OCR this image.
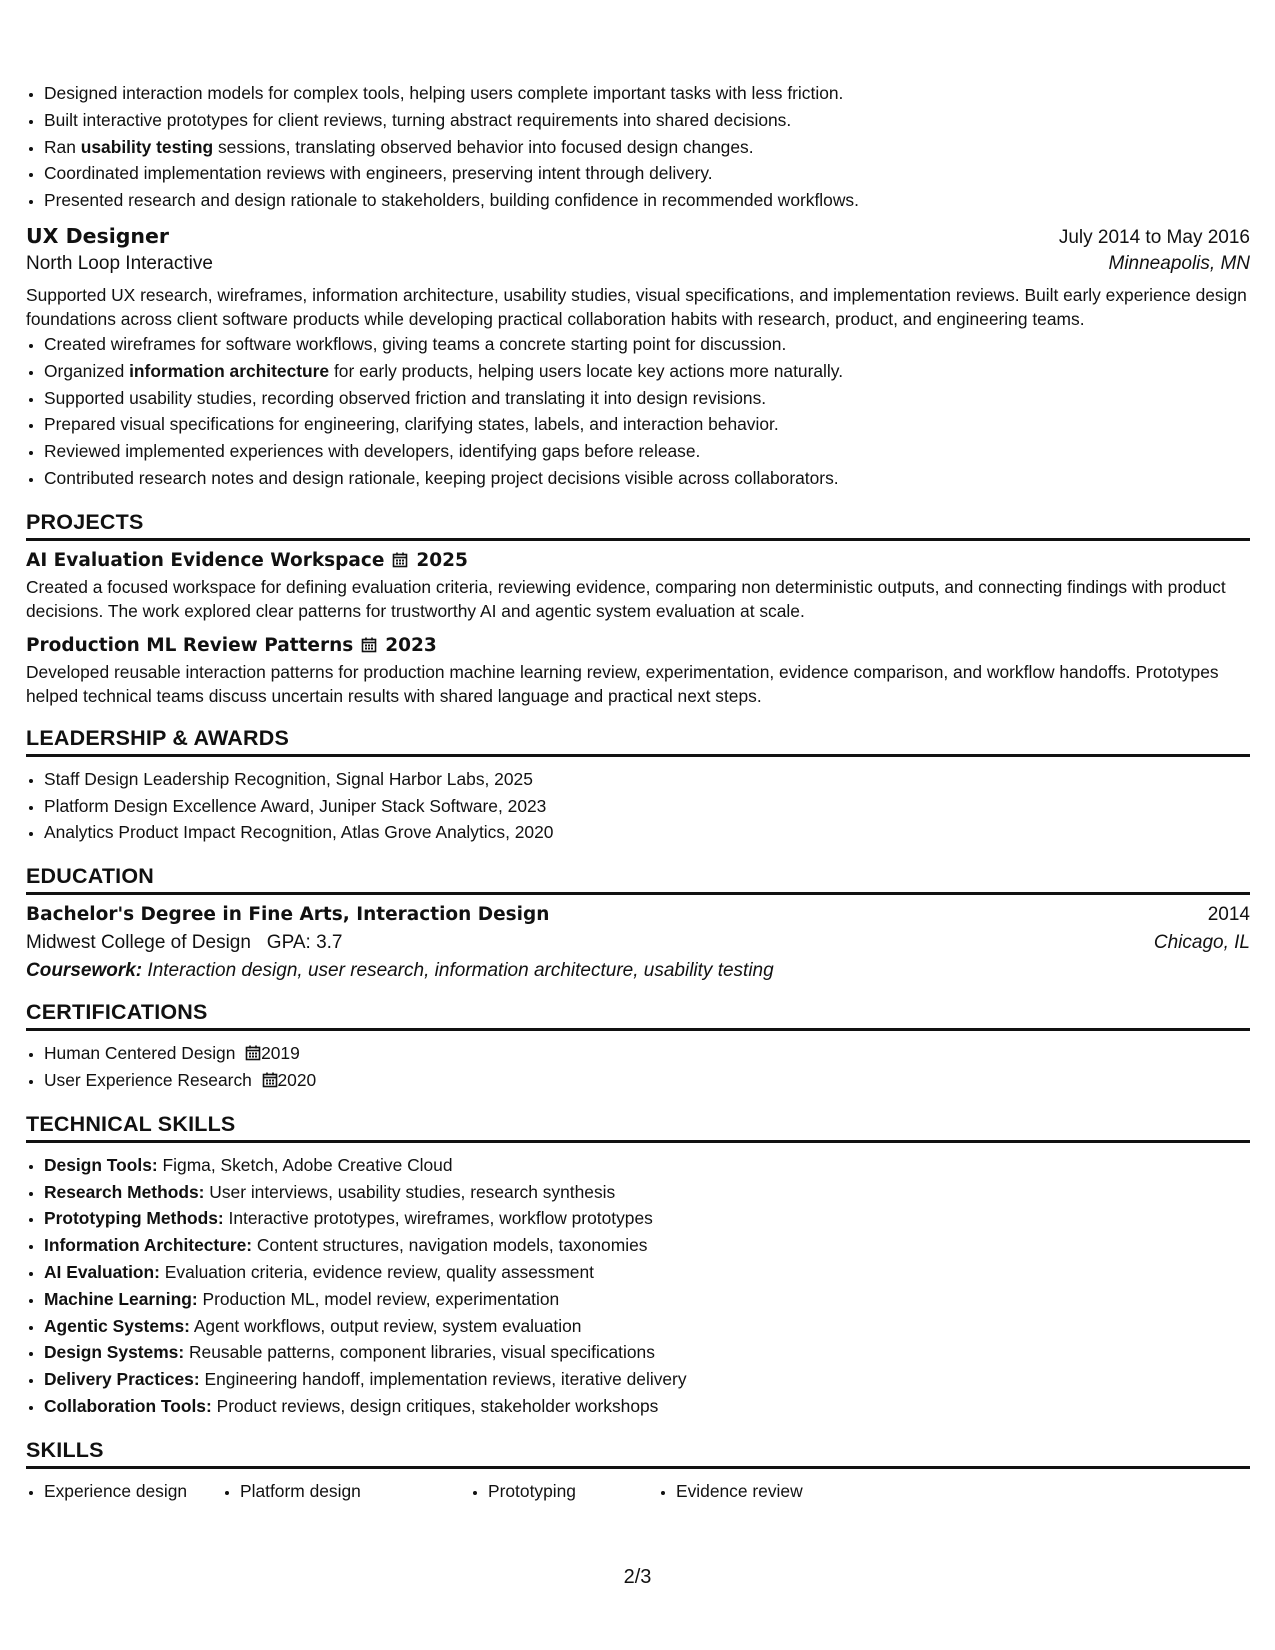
• Designed interaction models for complex tools, helping users complete important tasks with less friction.
• Built interactive prototypes for client reviews, turning abstract requirements into shared decisions.
• Ran usability testing sessions, translating observed behavior into focused design changes.
• Coordinated implementation reviews with engineers, preserving intent through delivery.
• Presented research and design rationale to stakeholders, building confidence in recommended workflows.
UX Designer	July 2014 to May 2016
North Loop Interactive	Minneapolis, MN
Supported UX research, wireframes, information architecture, usability studies, visual specifications, and implementation reviews. Built early experience design foundations across client software products while developing practical collaboration habits with research, product, and engineering teams.
• Created wireframes for software workflows, giving teams a concrete starting point for discussion.
• Organized information architecture for early products, helping users locate key actions more naturally.
• Supported usability studies, recording observed friction and translating it into design revisions.
• Prepared visual specifications for engineering, clarifying states, labels, and interaction behavior.
• Reviewed implemented experiences with developers, identifying gaps before release.
• Contributed research notes and design rationale, keeping project decisions visible across collaborators.
PROJECTS
AI Evaluation Evidence Workspace 2025
Created a focused workspace for defining evaluation criteria, reviewing evidence, comparing non deterministic outputs, and connecting findings with product decisions. The work explored clear patterns for trustworthy AI and agentic system evaluation at scale.
Production ML Review Patterns 2023
Developed reusable interaction patterns for production machine learning review, experimentation, evidence comparison, and workflow handoffs. Prototypes helped technical teams discuss uncertain results with shared language and practical next steps.
LEADERSHIP & AWARDS
• Staff Design Leadership Recognition, Signal Harbor Labs, 2025
• Platform Design Excellence Award, Juniper Stack Software, 2023
• Analytics Product Impact Recognition, Atlas Grove Analytics, 2020
EDUCATION
Bachelor's Degree in Fine Arts, Interaction Design	2014
Midwest College of Design GPA: 3.7	Chicago, IL
Coursework: Interaction design, user research, information architecture, usability testing
CERTIFICATIONS
• Human Centered Design 2019
• User Experience Research 2020
TECHNICAL SKILLS
• Design Tools: Figma, Sketch, Adobe Creative Cloud
• Research Methods: User interviews, usability studies, research synthesis
• Prototyping Methods: Interactive prototypes, wireframes, workflow prototypes
• Information Architecture: Content structures, navigation models, taxonomies
• AI Evaluation: Evaluation criteria, evidence review, quality assessment
• Machine Learning: Production ML, model review, experimentation
• Agentic Systems: Agent workflows, output review, system evaluation
• Design Systems: Reusable patterns, component libraries, visual specifications
• Delivery Practices: Engineering handoff, implementation reviews, iterative delivery
• Collaboration Tools: Product reviews, design critiques, stakeholder workshops
SKILLS
• Experience design	• Platform design	• Prototyping	• Evidence review
2/3
